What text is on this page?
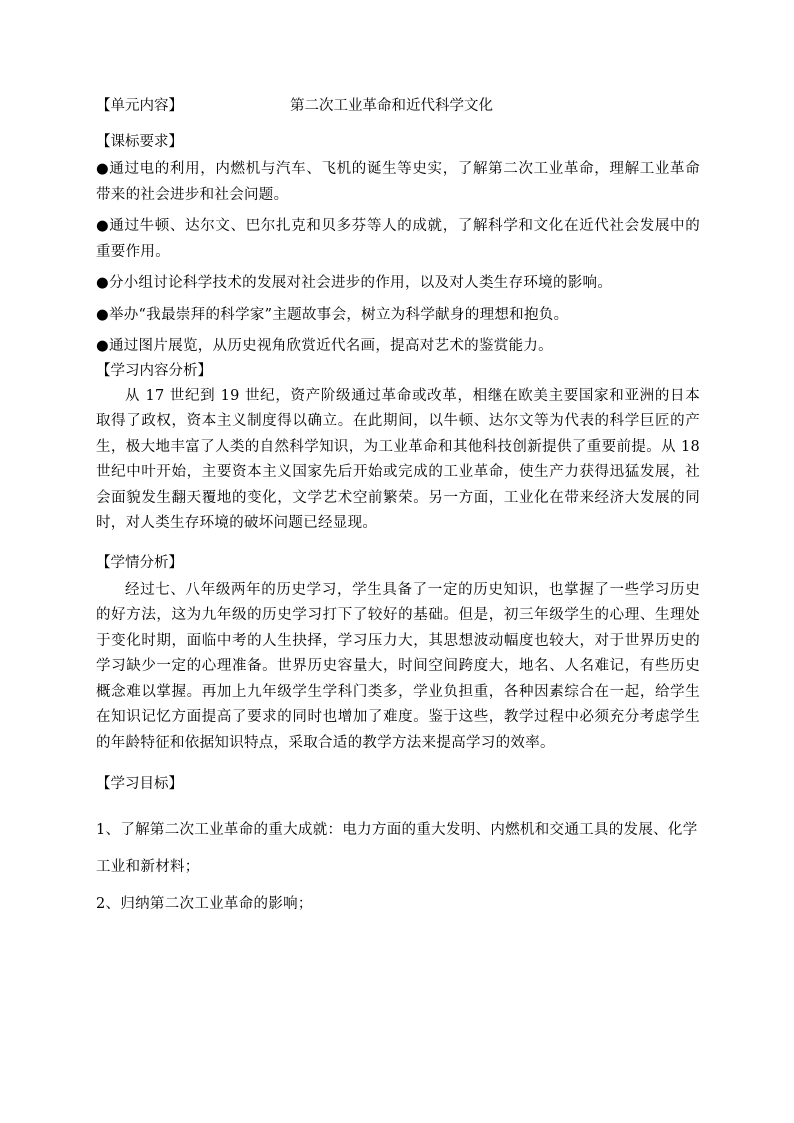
【单元内容】	第二次工业革命和近代科学文化
【课标要求】

●通过电的利用，内燃机与汽车、飞机的诞生等史实，了解第二次工业革命，理解工业革命带来的社会进步和社会问题。

●通过牛顿、达尔文、巴尔扎克和贝多芬等人的成就，了解科学和文化在近代社会发展中的重要作用。

●分小组讨论科学技术的发展对社会进步的作用，以及对人类生存环境的影响。

●举办“我最崇拜的科学家”主题故事会，树立为科学献身的理想和抱负。

●通过图片展览，从历史视角欣赏近代名画，提高对艺术的鉴赏能力。

【学习内容分析】

从 17 世纪到 19 世纪，资产阶级通过革命或改革，相继在欧美主要国家和亚洲的日本取得了政权，资本主义制度得以确立。在此期间，以牛顿、达尔文等为代表的科学巨匠的产生，极大地丰富了人类的自然科学知识，为工业革命和其他科技创新提供了重要前提。从 18 世纪中叶开始，主要资本主义国家先后开始或完成的工业革命，使生产力获得迅猛发展，社会面貌发生翻天覆地的变化，文学艺术空前繁荣。另一方面，工业化在带来经济大发展的同时，对人类生存环境的破坏问题已经显现。

【学情分析】

经过七、八年级两年的历史学习，学生具备了一定的历史知识，也掌握了一些学习历史的好方法，这为九年级的历史学习打下了较好的基础。但是，初三年级学生的心理、生理处于变化时期，面临中考的人生抉择，学习压力大，其思想波动幅度也较大，对于世界历史的学习缺少一定的心理准备。世界历史容量大，时间空间跨度大，地名、人名难记，有些历史概念难以掌握。再加上九年级学生学科门类多，学业负担重，各种因素综合在一起，给学生在知识记忆方面提高了要求的同时也增加了难度。鉴于这些，教学过程中必须充分考虑学生的年龄特征和依据知识特点，采取合适的教学方法来提高学习的效率。

【学习目标】

1、了解第二次工业革命的重大成就：电力方面的重大发明、内燃机和交通工具的发展、化学工业和新材料；

2、归纳第二次工业革命的影响；
